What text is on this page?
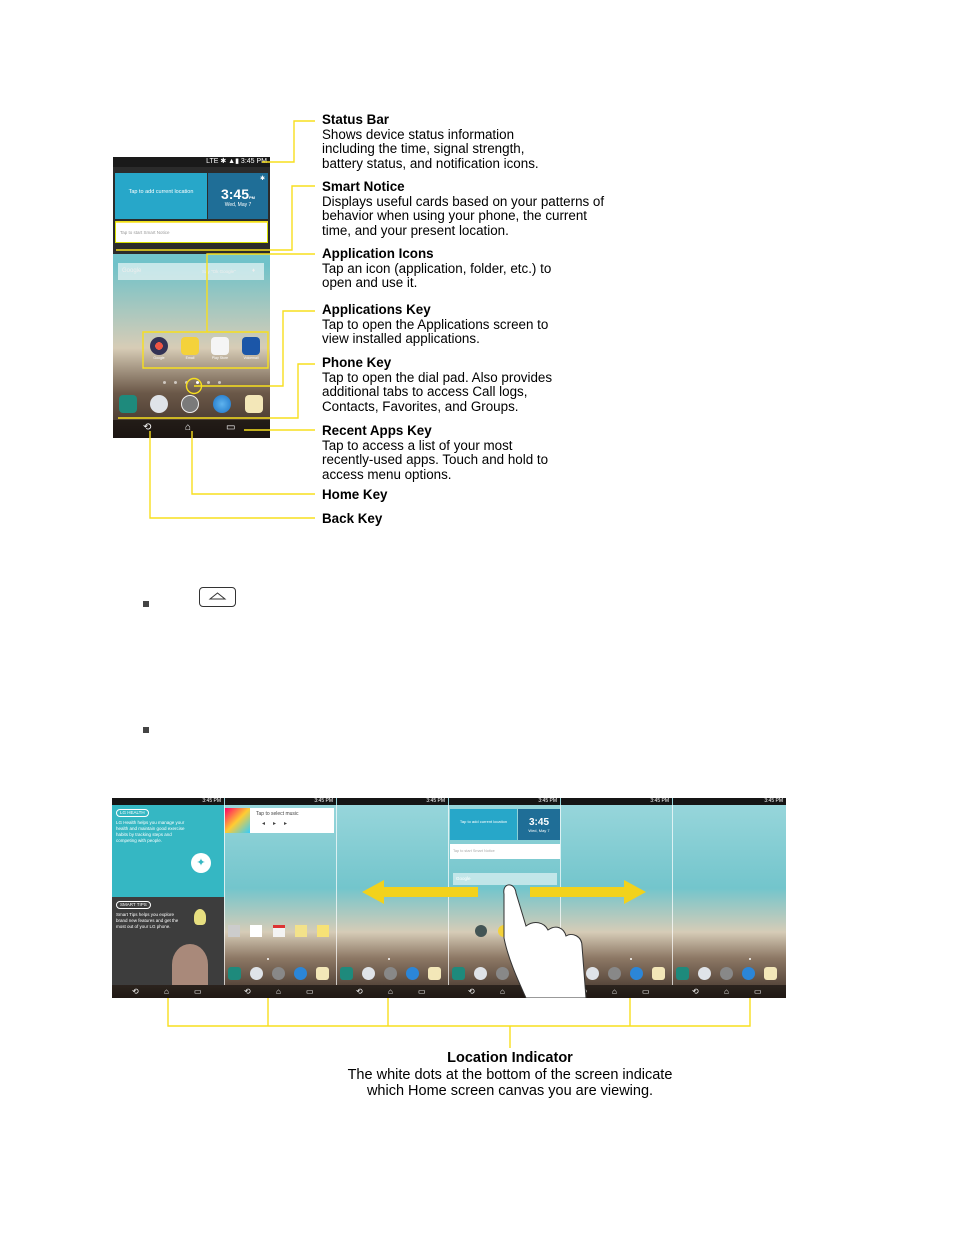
LTE ✱ ▲▮ 3:45 PM
Tap to add current location	3:45PM
Wed, May 7
✱
Tap to start Smart Notice
Google	Say "Ok Google"	♦
Google	Email	Play Store	Voicemail
⟲	⌂	▭
Status Bar
Shows device status information including the time, signal strength, battery status, and notification icons.
Smart Notice
Displays useful cards based on your patterns of behavior when using your phone, the current time, and your present location.
Application Icons
Tap an icon (application, folder, etc.) to open and use it.
Applications Key
Tap to open the Applications screen to view installed applications.
Phone Key
Tap to open the dial pad. Also provides additional tabs to access Call logs, Contacts, Favorites, and Groups.
Recent Apps Key
Tap to access a list of your most recently-used apps. Touch and hold to access menu options.
Home Key
Back Key
3:45 PM	3:45 PM	3:45 PM	3:45 PM	3:45 PM	3:45 PM
LG HEALTH
LG Health helps you manage your health and maintain good exercise habits by tracking steps and competing with people.
✦
SMART TIPS
Smart Tips helps you explore brand new features and get the most out of your LG phone.
Tap to select music
◂▸▸	Tap to add current location	3:45
Wed, May 7
Tap to start Smart Notice
Google
⟲	⌂	▭	⟲	⌂	▭	⟲	⌂	▭	⟲	⌂	⌂	▭	⟲	⌂	▭
Location Indicator
The white dots at the bottom of the screen indicate
which Home screen canvas you are viewing.
